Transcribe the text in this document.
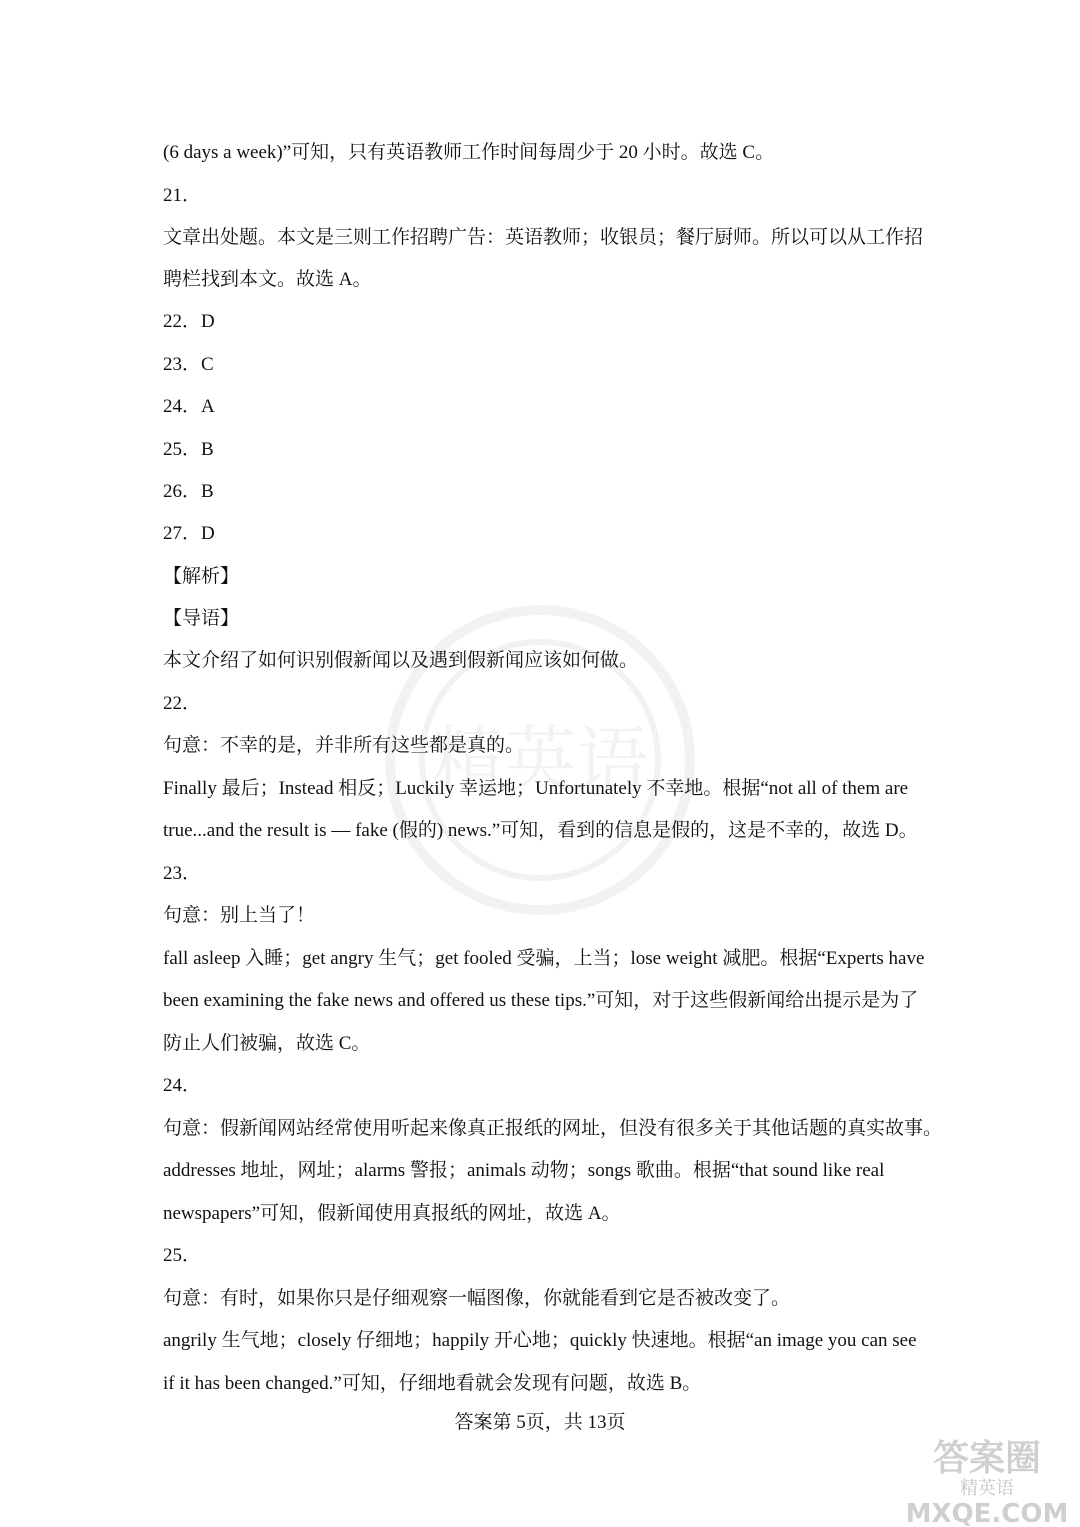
精英语
(6 days a week)”可知，只有英语教师工作时间每周少于 20 小时。故选 C。
21．
文章出处题。本文是三则工作招聘广告：英语教师；收银员；餐厅厨师。所以可以从工作招
聘栏找到本文。故选 A。
22．D
23．C
24．A
25．B
26．B
27．D
【解析】
【导语】
本文介绍了如何识别假新闻以及遇到假新闻应该如何做。
22．
句意：不幸的是，并非所有这些都是真的。
Finally 最后；Instead 相反；Luckily 幸运地；Unfortunately 不幸地。根据“not all of them are
true...and the result is — fake (假的) news.”可知，看到的信息是假的，这是不幸的，故选 D。
23．
句意：别上当了！
fall asleep 入睡；get angry 生气；get fooled 受骗，上当；lose weight 减肥。根据“Experts have
been examining the fake news and offered us these tips.”可知，对于这些假新闻给出提示是为了
防止人们被骗，故选 C。
24．
句意：假新闻网站经常使用听起来像真正报纸的网址，但没有很多关于其他话题的真实故事。
addresses 地址，网址；alarms 警报；animals 动物；songs 歌曲。根据“that sound like real
newspapers”可知，假新闻使用真报纸的网址，故选 A。
25．
句意：有时，如果你只是仔细观察一幅图像，你就能看到它是否被改变了。
angrily 生气地；closely 仔细地；happily 开心地；quickly 快速地。根据“an image you can see
if it has been changed.”可知，仔细地看就会发现有问题，故选 B。
答案第 5页，共 13页
答案圈
精英语
MXQE.COM
